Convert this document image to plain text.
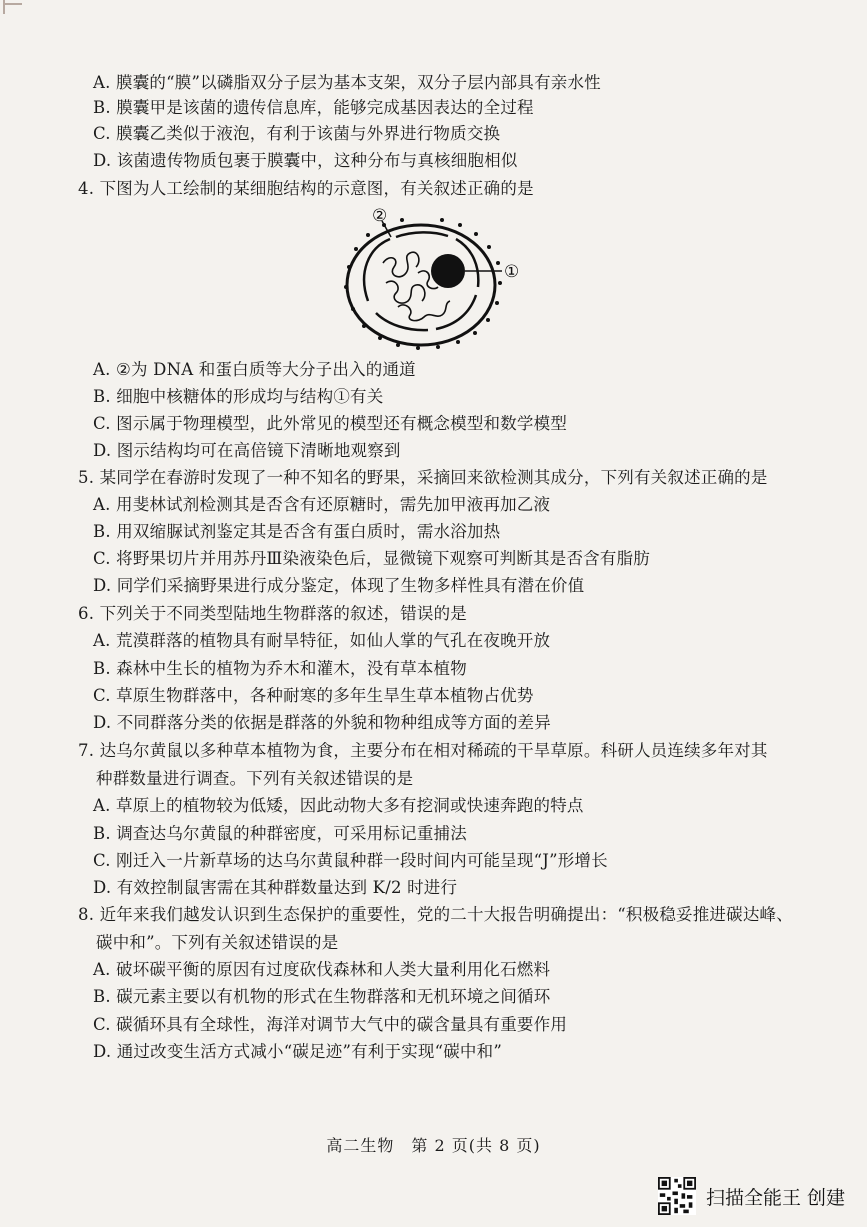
A. 膜囊的“膜”以磷脂双分子层为基本支架，双分子层内部具有亲水性
B. 膜囊甲是该菌的遗传信息库，能够完成基因表达的全过程
C. 膜囊乙类似于液泡，有利于该菌与外界进行物质交换
D. 该菌遗传物质包裹于膜囊中，这种分布与真核细胞相似
4. 下图为人工绘制的某细胞结构的示意图，有关叙述正确的是
A. ②为 DNA 和蛋白质等大分子出入的通道
B. 细胞中核糖体的形成均与结构①有关
C. 图示属于物理模型，此外常见的模型还有概念模型和数学模型
D. 图示结构均可在高倍镜下清晰地观察到
5. 某同学在春游时发现了一种不知名的野果，采摘回来欲检测其成分，下列有关叙述正确的是
A. 用斐林试剂检测其是否含有还原糖时，需先加甲液再加乙液
B. 用双缩脲试剂鉴定其是否含有蛋白质时，需水浴加热
C. 将野果切片并用苏丹Ⅲ染液染色后，显微镜下观察可判断其是否含有脂肪
D. 同学们采摘野果进行成分鉴定，体现了生物多样性具有潜在价值
6. 下列关于不同类型陆地生物群落的叙述，错误的是
A. 荒漠群落的植物具有耐旱特征，如仙人掌的气孔在夜晚开放
B. 森林中生长的植物为乔木和灌木，没有草本植物
C. 草原生物群落中，各种耐寒的多年生旱生草本植物占优势
D. 不同群落分类的依据是群落的外貌和物种组成等方面的差异
7. 达乌尔黄鼠以多种草本植物为食，主要分布在相对稀疏的干旱草原。科研人员连续多年对其
种群数量进行调查。下列有关叙述错误的是
A. 草原上的植物较为低矮，因此动物大多有挖洞或快速奔跑的特点
B. 调查达乌尔黄鼠的种群密度，可采用标记重捕法
C. 刚迁入一片新草场的达乌尔黄鼠种群一段时间内可能呈现“J”形增长
D. 有效控制鼠害需在其种群数量达到 K/2 时进行
8. 近年来我们越发认识到生态保护的重要性，党的二十大报告明确提出：“积极稳妥推进碳达峰、
碳中和”。下列有关叙述错误的是
A. 破坏碳平衡的原因有过度砍伐森林和人类大量利用化石燃料
B. 碳元素主要以有机物的形式在生物群落和无机环境之间循环
C. 碳循环具有全球性，海洋对调节大气中的碳含量具有重要作用
D. 通过改变生活方式减小“碳足迹”有利于实现“碳中和”
①
②
高二生物　第 2 页(共 8 页)
扫描全能王 创建
